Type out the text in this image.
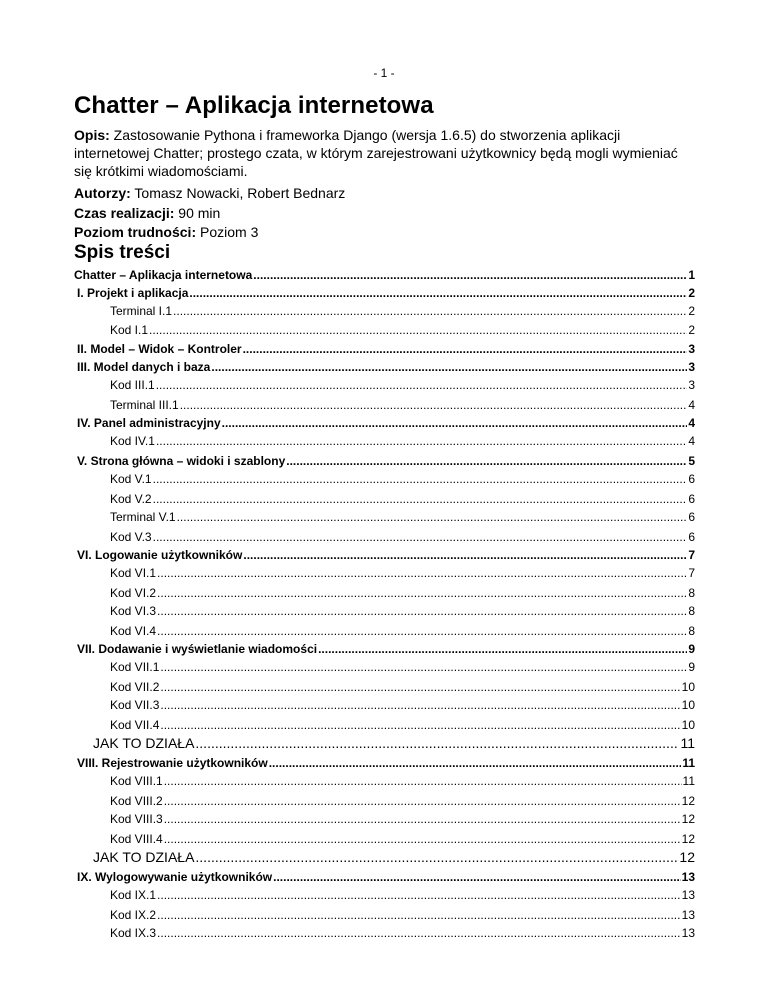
- 1 -
Chatter – Aplikacja internetowa
Opis: Zastosowanie Pythona i frameworka Django (wersja 1.6.5) do stworzenia aplikacji internetowej Chatter; prostego czata, w którym zarejestrowani użytkownicy będą mogli wymieniać się krótkimi wiadomościami.
Autorzy: Tomasz Nowacki, Robert Bednarz
Czas realizacji: 90 min
Poziom trudności: Poziom 3
Spis treści
Chatter – Aplikacja internetowa .....	1
I. Projekt i aplikacja .....	2
Terminal I.1 .....	2
Kod I.1 .....	2
II. Model – Widok – Kontroler .....	3
III. Model danych i baza .....	3
Kod III.1 .....	3
Terminal III.1 .....	4
IV. Panel administracyjny .....	4
Kod IV.1 .....	4
V. Strona główna – widoki i szablony .....	5
Kod V.1 .....	6
Kod V.2 .....	6
Terminal V.1 .....	6
Kod V.3 .....	6
VI. Logowanie użytkowników .....	7
Kod VI.1 .....	7
Kod VI.2 .....	8
Kod VI.3 .....	8
Kod VI.4 .....	8
VII. Dodawanie i wyświetlanie wiadomości .....	9
Kod VII.1 .....	9
Kod VII.2 .....	10
Kod VII.3 .....	10
Kod VII.4 .....	10
JAK TO DZIAŁA .....	11
VIII. Rejestrowanie użytkowników .....	11
Kod VIII.1 .....	11
Kod VIII.2 .....	12
Kod VIII.3 .....	12
Kod VIII.4 .....	12
JAK TO DZIAŁA .....	12
IX. Wylogowywanie użytkowników .....	13
Kod IX.1 .....	13
Kod IX.2 .....	13
Kod IX.3 .....	13
